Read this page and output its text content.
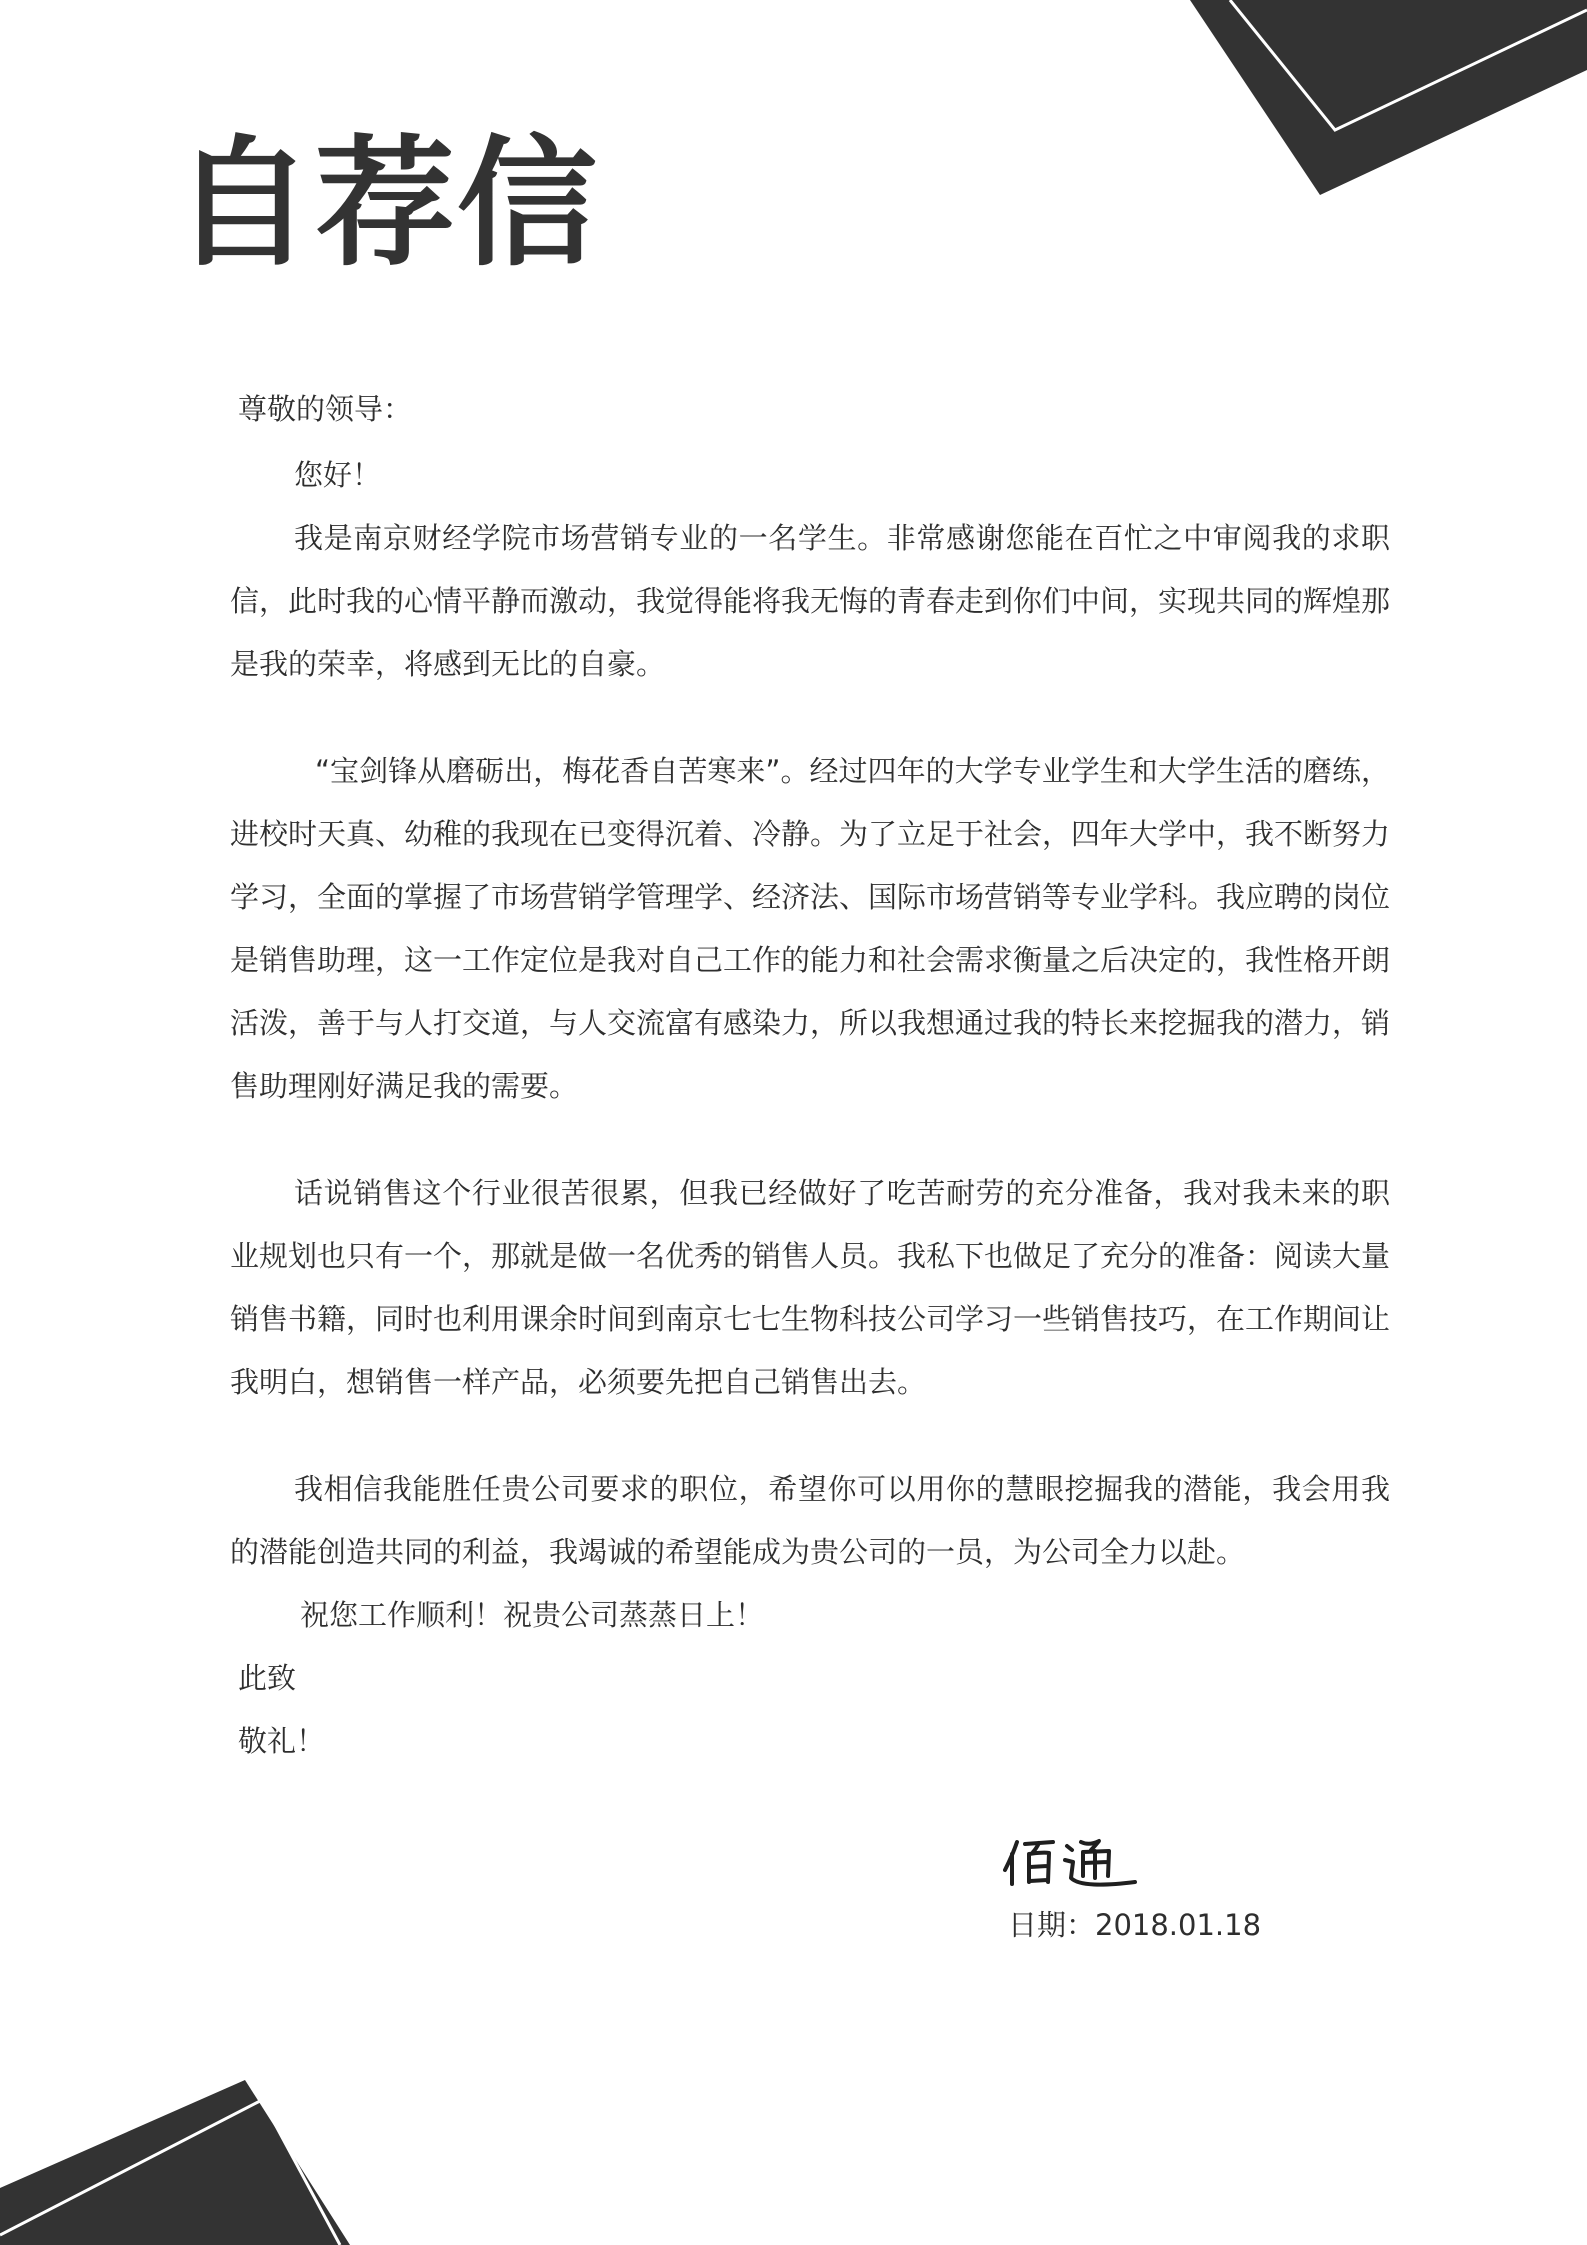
自荐信

尊敬的领导：

您好！

我是南京财经学院市场营销专业的一名学生。非常感谢您能在百忙之中审阅我的求职信，此时我的心情平静而激动，我觉得能将我无悔的青春走到你们中间，实现共同的辉煌那是我的荣幸，将感到无比的自豪。

“宝剑锋从磨砺出，梅花香自苦寒来”。经过四年的大学专业学生和大学生活的磨练，进校时天真、幼稚的我现在已变得沉着、冷静。为了立足于社会，四年大学中，我不断努力学习，全面的掌握了市场营销学管理学、经济法、国际市场营销等专业学科。我应聘的岗位是销售助理，这一工作定位是我对自己工作的能力和社会需求衡量之后决定的，我性格开朗活泼，善于与人打交道，与人交流富有感染力，所以我想通过我的特长来挖掘我的潜力，销售助理刚好满足我的需要。

话说销售这个行业很苦很累，但我已经做好了吃苦耐劳的充分准备，我对我未来的职业规划也只有一个，那就是做一名优秀的销售人员。我私下也做足了充分的准备：阅读大量销售书籍，同时也利用课余时间到南京七七生物科技公司学习一些销售技巧，在工作期间让我明白，想销售一样产品，必须要先把自己销售出去。

我相信我能胜任贵公司要求的职位，希望你可以用你的慧眼挖掘我的潜能，我会用我的潜能创造共同的利益，我竭诚的希望能成为贵公司的一员，为公司全力以赴。

祝您工作顺利！祝贵公司蒸蒸日上！

此致

敬礼！

日期：2018.01.18
